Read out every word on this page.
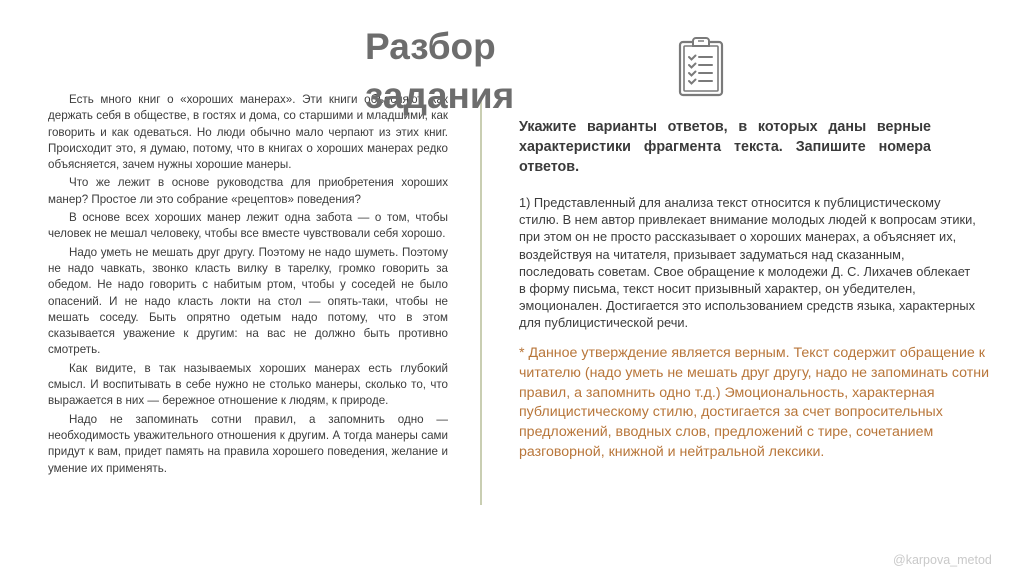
Разбор
задания

Есть много книг о «хороших манерах». Эти книги объясняют, как держать себя в обществе, в гостях и дома, со старшими и младшими, как говорить и как одеваться. Но люди обычно мало черпают из этих книг. Происходит это, я думаю, потому, что в книгах о хороших манерах редко объясняется, зачем нужны хорошие манеры.

Что же лежит в основе руководства для приобретения хороших манер? Простое ли это собрание «рецептов» поведения?

В основе всех хороших манер лежит одна забота — о том, чтобы человек не мешал человеку, чтобы все вместе чувствовали себя хорошо.

Надо уметь не мешать друг другу. Поэтому не надо шуметь. Поэтому не надо чавкать, звонко класть вилку в тарелку, громко говорить за обедом. Не надо говорить с набитым ртом, чтобы у соседей не было опасений. И не надо класть локти на стол — опять-таки, чтобы не мешать соседу. Быть опрятно одетым надо потому, что в этом сказывается уважение к другим: на вас не должно быть противно смотреть.

Как видите, в так называемых хороших манерах есть глубокий смысл. И воспитывать в себе нужно не столько манеры, сколько то, что выражается в них — бережное отношение к людям, к природе.

Надо не запоминать сотни правил, а запомнить одно — необходимость уважительного отношения к другим. А тогда манеры сами придут к вам, придет память на правила хорошего поведения, желание и умение их применять.

Укажите варианты ответов, в которых даны верные характеристики фрагмента текста. Запишите номера ответов.
1) Представленный для анализа текст относится к публицистическому стилю. В нем автор привлекает внимание молодых людей к вопросам этики, при этом он не просто рассказывает о хороших манерах, а объясняет их, воздействуя на читателя, призывает задуматься над сказанным, последовать советам. Свое обращение к молодежи Д. С. Лихачев облекает в форму письма, текст носит призывный характер, он убедителен, эмоционален. Достигается это использованием средств языка, характерных для публицистической речи.
* Данное утверждение является верным. Текст содержит обращение к читателю (надо уметь не мешать друг другу, надо не запоминать сотни правил, а запомнить одно т.д.) Эмоциональность, характерная публицистическому стилю, достигается за счет вопросительных предложений, вводных слов, предложений с тире, сочетанием разговорной, книжной и нейтральной лексики.
@karpova_metod
